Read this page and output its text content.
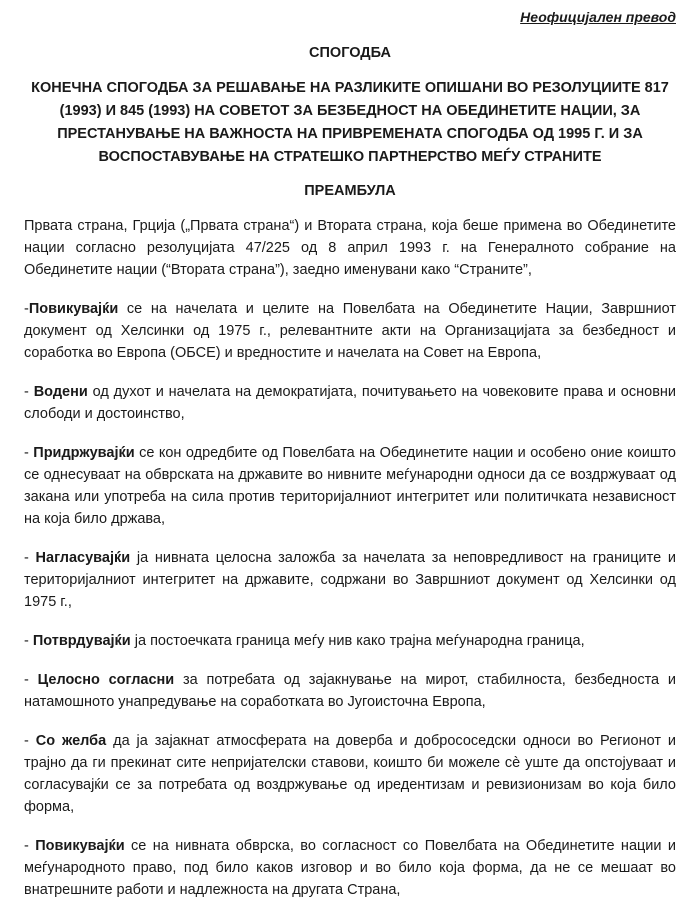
Неофицијален превод
СПОГОДБА
КОНЕЧНА СПОГОДБА ЗА РЕШАВАЊЕ НА РАЗЛИКИТЕ ОПИШАНИ ВО РЕЗОЛУЦИИТЕ 817 (1993) И 845 (1993) НА СОВЕТОТ ЗА БЕЗБЕДНОСТ НА ОБЕДИНЕТИТЕ НАЦИИ, ЗА ПРЕСТАНУВАЊЕ НА ВАЖНОСТА НА ПРИВРЕМЕНАТА СПОГОДБА ОД 1995 Г. И ЗА ВОСПОСТАВУВАЊЕ НА СТРАТЕШКО ПАРТНЕРСТВО МЕЃУ СТРАНИТЕ
ПРЕАМБУЛА

Првата страна, Грција („Првата страна“) и Втората страна, која беше примена во Обединетите нации согласно резолуцијата 47/225 од 8 април 1993 г. на Генералното собрание на Обединетите нации (“Втората страна”), заедно именувани како “Страните”,

-Повикувајќи се на начелата и целите на Повелбата на Обединетите Нации, Завршниот документ од Хелсинки од 1975 г., релевантните акти на Организацијата за безбедност и соработка во Европа (ОБСЕ) и вредностите и начелата на Совет на Европа,

- Водени од духот и начелата на демократијата, почитувањето на човековите права и основни слободи и достоинство,

- Придржувајќи се кон одредбите од Повелбата на Обединетите нации и особено оние коишто се однесуваат на обврската на државите во нивните меѓународни односи да се воздржуваат од закана или употреба на сила против територијалниот интегритет или политичката независност на која било држава,

- Нагласувајќи ја нивната целосна заложба за начелата за неповредливост на границите и територијалниот интегритет на државите, содржани во Завршниот документ од Хелсинки од 1975 г.,

- Потврдувајќи ја постоечката граница меѓу нив како трајна меѓународна граница,

- Целосно согласни за потребата од зајакнување на мирот, стабилноста, безбедноста и натамошното унапредување на соработката во Југоисточна Европа,

- Со желба да ја зајакнат атмосферата на доверба и добрососедски односи во Регионот и трајно да ги прекинат сите непријателски ставови, коишто би можеле сè уште да опстојуваат и согласувајќи се за потребата од воздржување од иредентизам и ревизионизам во која било форма,

- Повикувајќи се на нивната обврска, во согласност со Повелбата на Обединетите нации и меѓународното право, под било каков изговор и во било која форма, да не се мешаат во внатрешните работи и надлежноста на другата Страна,
